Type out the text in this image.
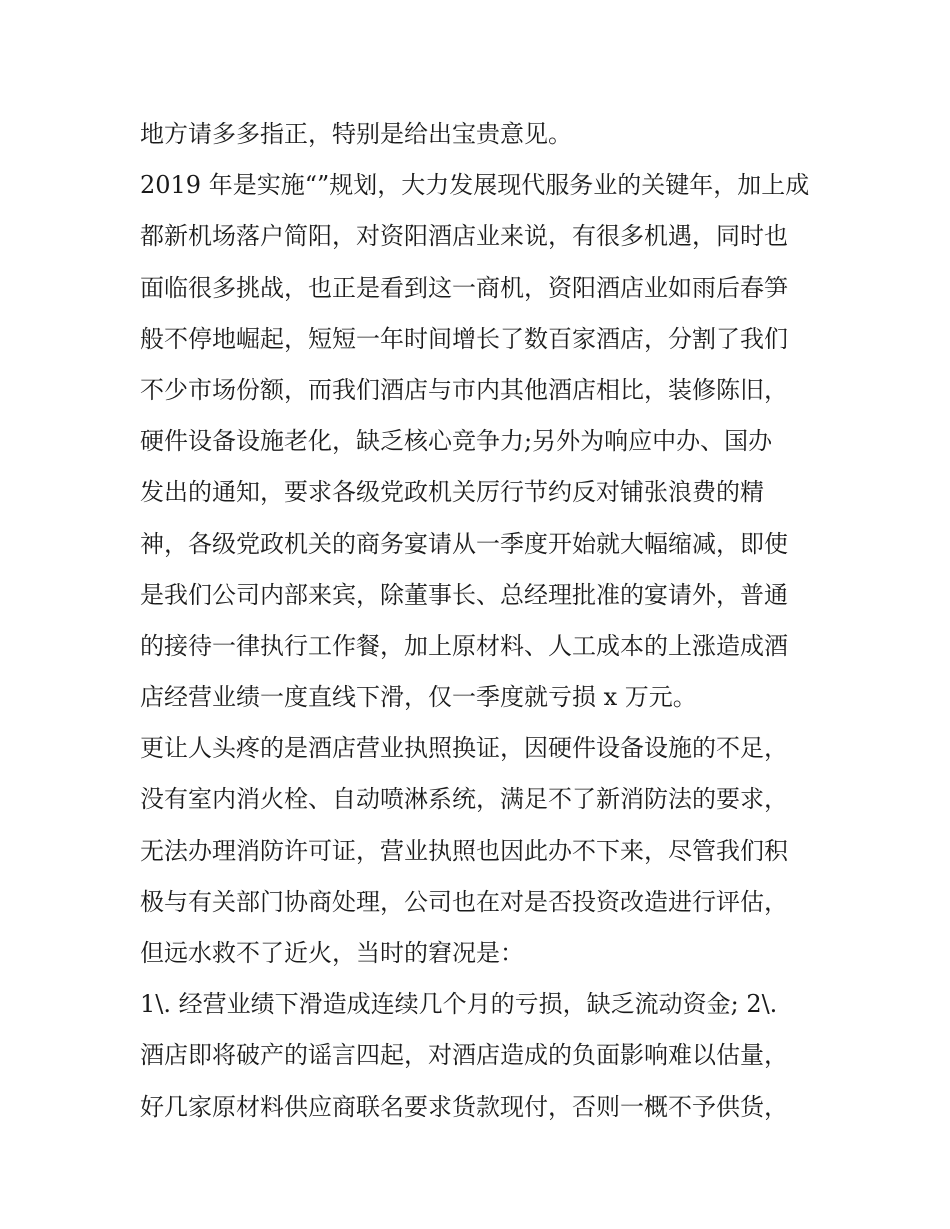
地方请多多指正，特别是给出宝贵意见。
2019 年是实施“”规划，大力发展现代服务业的关键年，加上成
都新机场落户简阳，对资阳酒店业来说，有很多机遇，同时也
面临很多挑战，也正是看到这一商机，资阳酒店业如雨后春笋
般不停地崛起，短短一年时间增长了数百家酒店，分割了我们
不少市场份额，而我们酒店与市内其他酒店相比，装修陈旧，
硬件设备设施老化，缺乏核心竞争力;另外为响应中办、国办
发出的通知，要求各级党政机关厉行节约反对铺张浪费的精
神，各级党政机关的商务宴请从一季度开始就大幅缩减，即使
是我们公司内部来宾，除董事长、总经理批准的宴请外，普通
的接待一律执行工作餐，加上原材料、人工成本的上涨造成酒
店经营业绩一度直线下滑，仅一季度就亏损 x 万元。
更让人头疼的是酒店营业执照换证，因硬件设备设施的不足，
没有室内消火栓、自动喷淋系统，满足不了新消防法的要求，
无法办理消防许可证，营业执照也因此办不下来，尽管我们积
极与有关部门协商处理，公司也在对是否投资改造进行评估，
但远水救不了近火，当时的窘况是：
1\. 经营业绩下滑造成连续几个月的亏损，缺乏流动资金; 2\.
酒店即将破产的谣言四起，对酒店造成的负面影响难以估量，
好几家原材料供应商联名要求货款现付，否则一概不予供货，
